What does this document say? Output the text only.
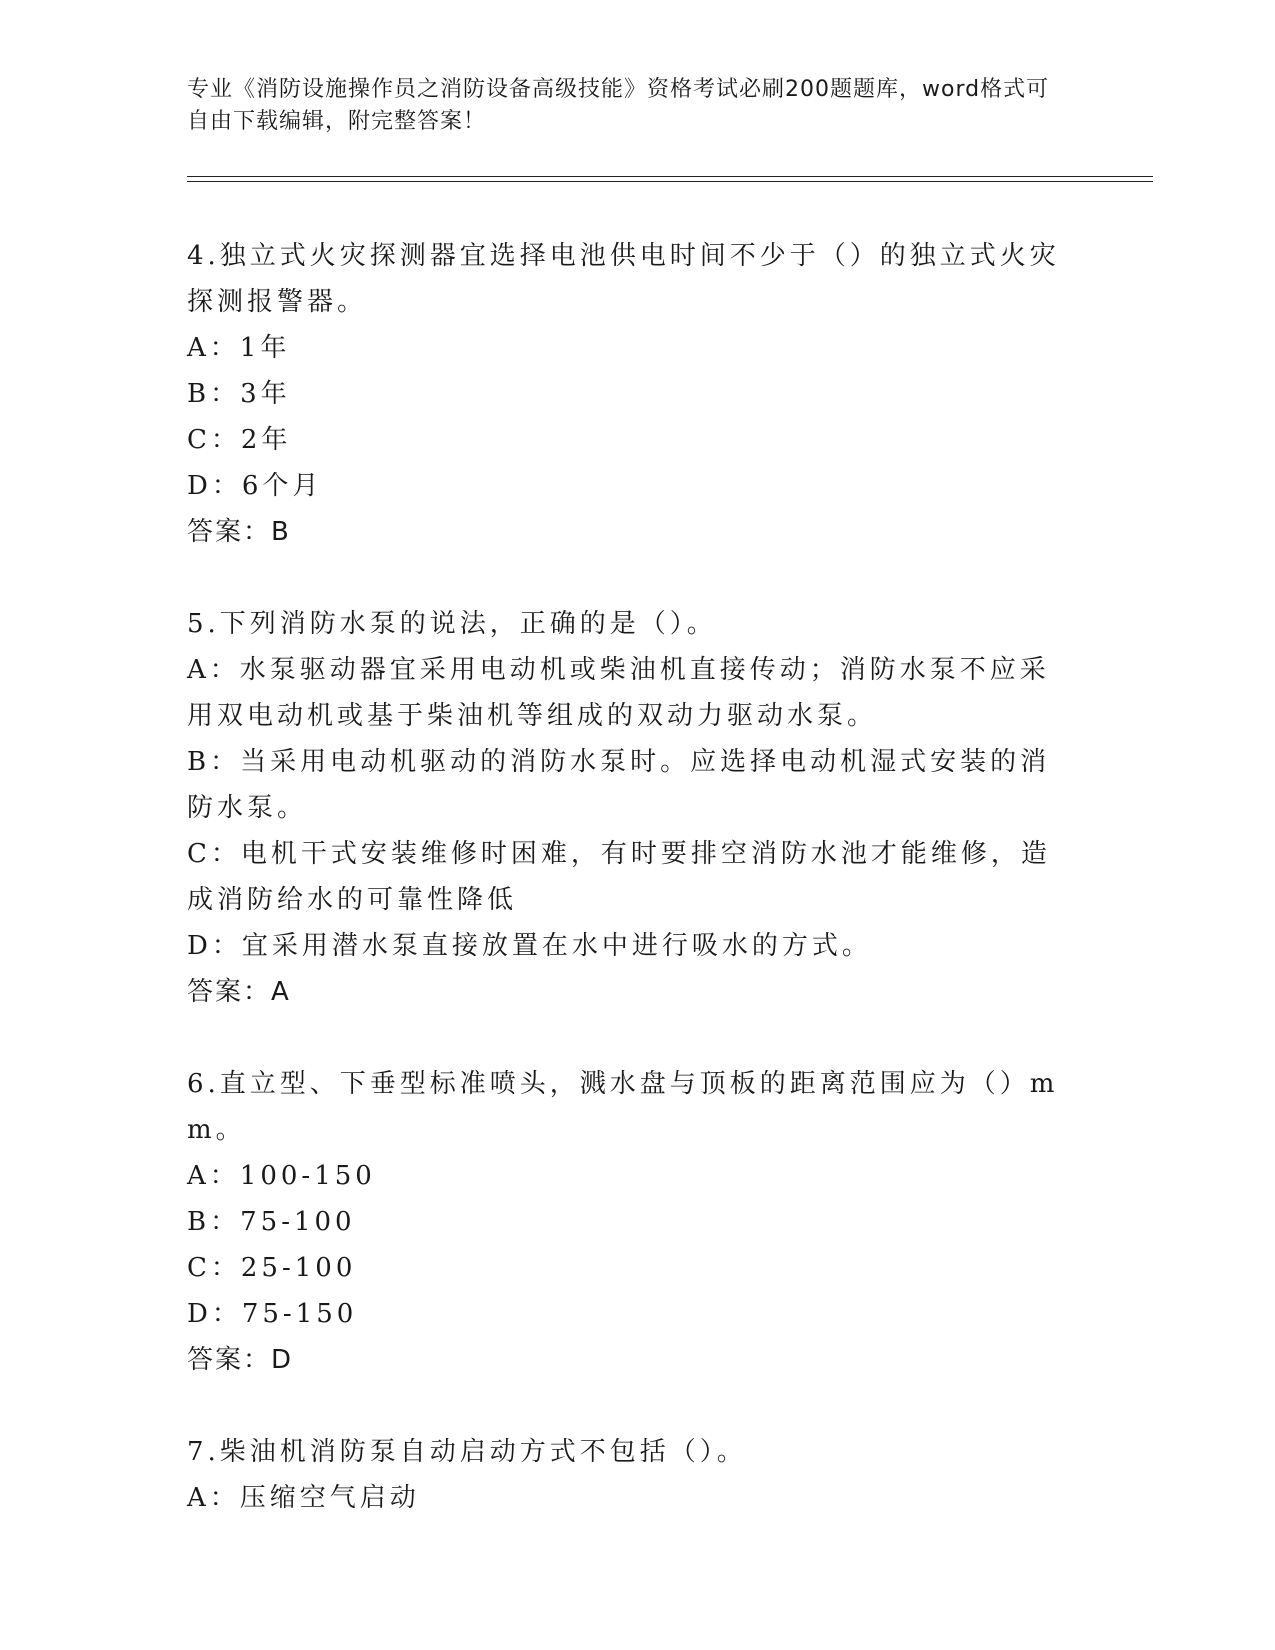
专业《消防设施操作员之消防设备高级技能》资格考试必刷200题题库，word格式可自由下载编辑，附完整答案！

4.独立式火灾探测器宜选择电池供电时间不少于（）的独立式火灾探测报警器。

A：1年

B：3年

C：2年

D：6个月

答案：B

5.下列消防水泵的说法，正确的是（）。

A：水泵驱动器宜采用电动机或柴油机直接传动；消防水泵不应采用双电动机或基于柴油机等组成的双动力驱动水泵。

B：当采用电动机驱动的消防水泵时。应选择电动机湿式安装的消防水泵。

C：电机干式安装维修时困难，有时要排空消防水池才能维修，造成消防给水的可靠性降低

D：宜采用潜水泵直接放置在水中进行吸水的方式。

答案：A

6.直立型、下垂型标准喷头，溅水盘与顶板的距离范围应为（）mm。

A：100-150

B：75-100

C：25-100

D：75-150

答案：D

7.柴油机消防泵自动启动方式不包括（）。

A：压缩空气启动
